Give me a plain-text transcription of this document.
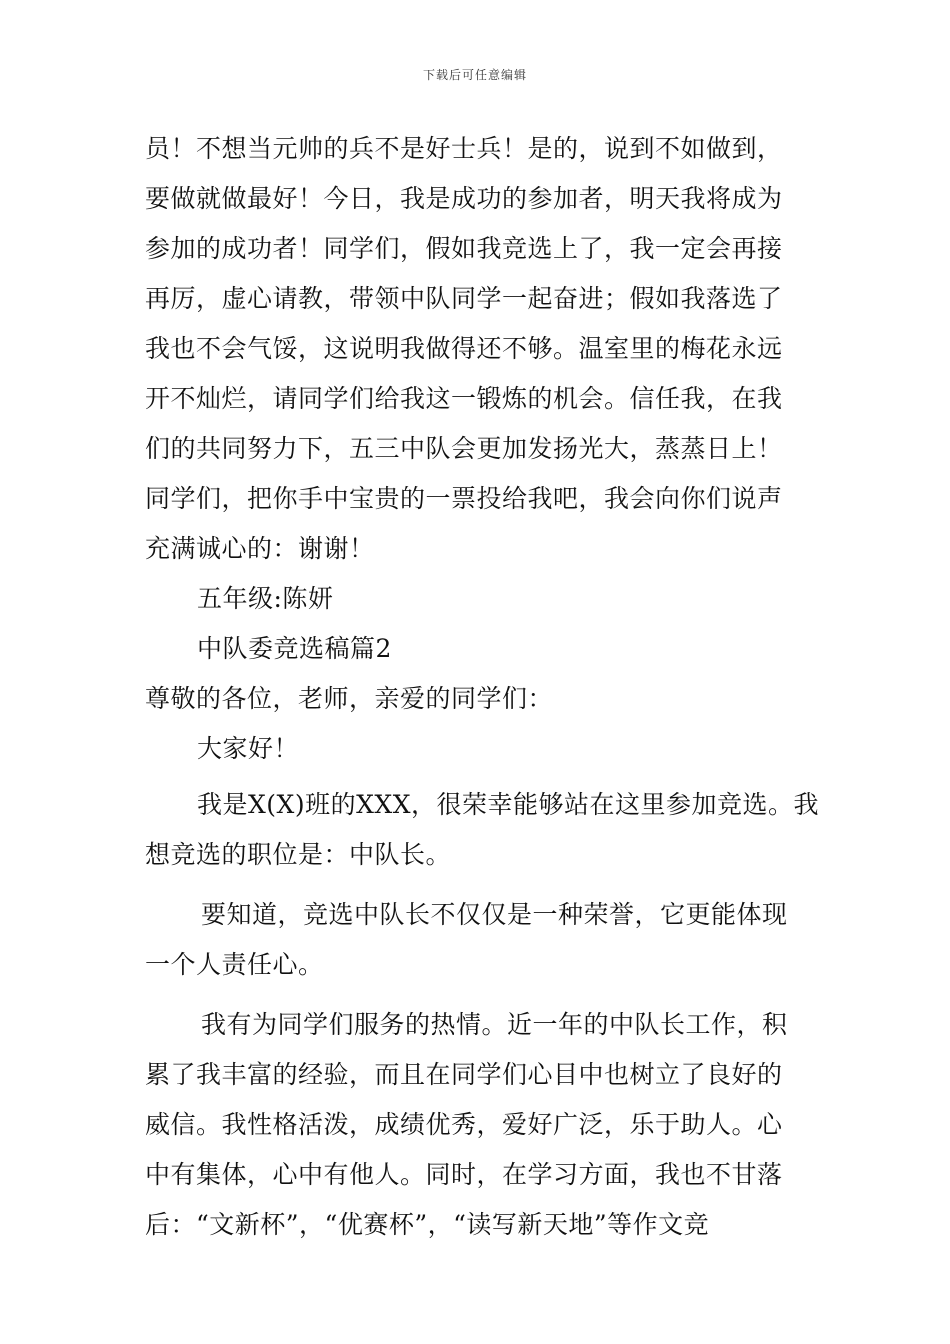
下载后可任意编辑
员！不想当元帅的兵不是好士兵！是的，说到不如做到，
要做就做最好！今日，我是成功的参加者，明天我将成为
参加的成功者！同学们，假如我竞选上了，我一定会再接
再厉，虚心请教，带领中队同学一起奋进；假如我落选了
我也不会气馁，这说明我做得还不够。温室里的梅花永远
开不灿烂，请同学们给我这一锻炼的机会。信任我，在我
们的共同努力下，五三中队会更加发扬光大，蒸蒸日上！
同学们，把你手中宝贵的一票投给我吧，我会向你们说声
充满诚心的：谢谢！
五年级:陈妍
中队委竞选稿篇2
尊敬的各位，老师，亲爱的同学们：
大家好！
我是X(X)班的XXX，很荣幸能够站在这里参加竞选。我
想竞选的职位是：中队长。
要知道，竞选中队长不仅仅是一种荣誉，它更能体现
一个人责任心。
我有为同学们服务的热情。近一年的中队长工作，积
累了我丰富的经验，而且在同学们心目中也树立了良好的
威信。我性格活泼，成绩优秀，爱好广泛，乐于助人。心
中有集体，心中有他人。同时，在学习方面，我也不甘落
后：“文新杯”，“优赛杯”，“读写新天地”等作文竞
